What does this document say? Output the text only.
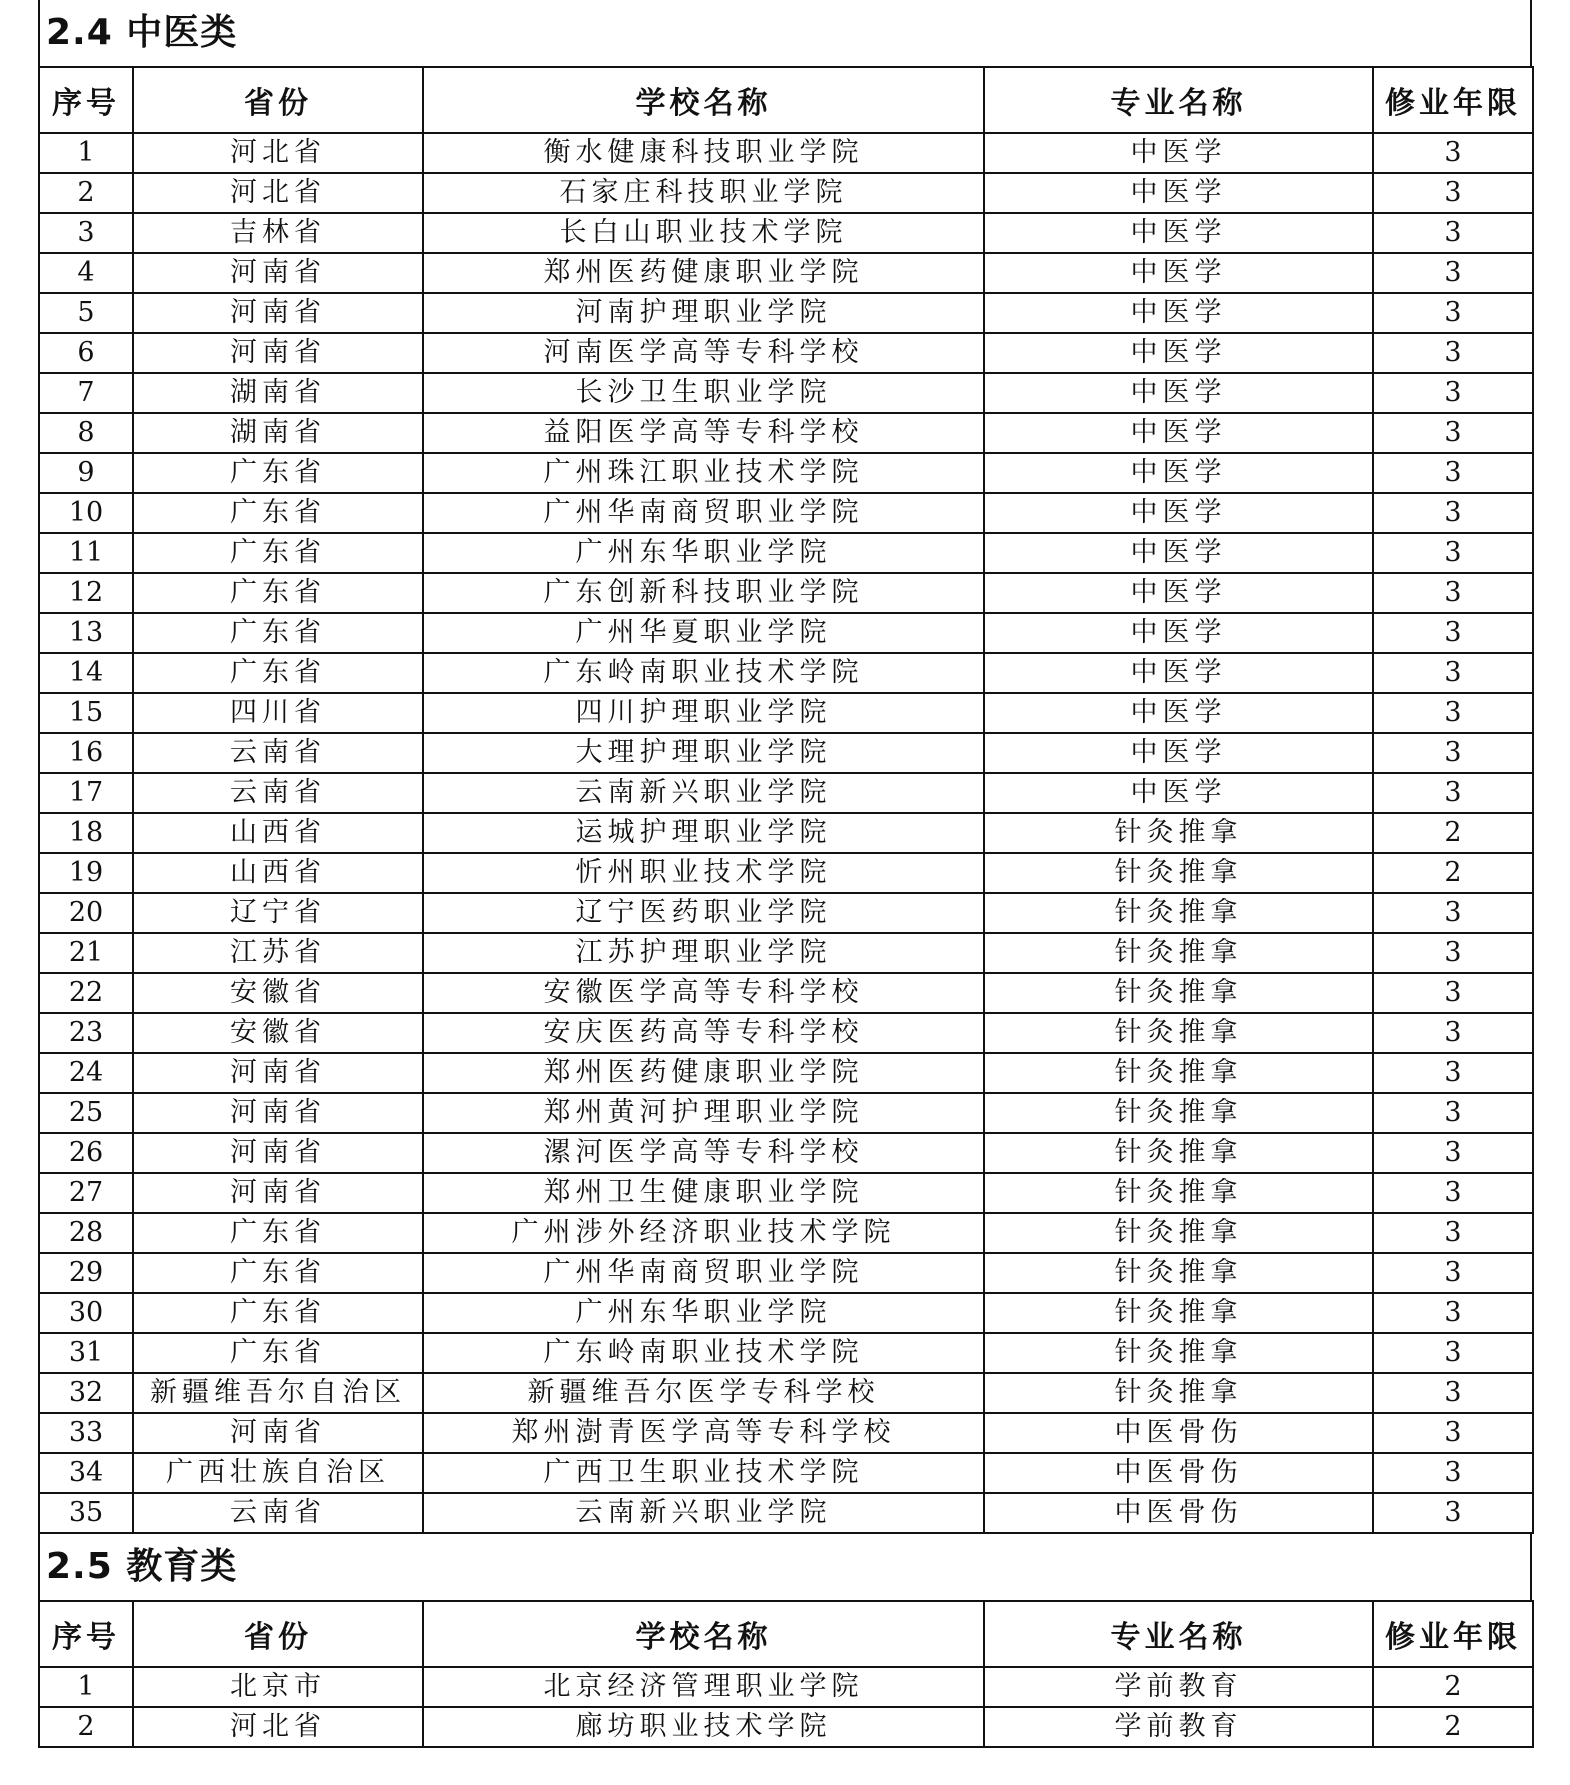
2.4 中医类
序号	省份	学校名称	专业名称	修业年限
1	河北省	衡水健康科技职业学院	中医学	3
2	河北省	石家庄科技职业学院	中医学	3
3	吉林省	长白山职业技术学院	中医学	3
4	河南省	郑州医药健康职业学院	中医学	3
5	河南省	河南护理职业学院	中医学	3
6	河南省	河南医学高等专科学校	中医学	3
7	湖南省	长沙卫生职业学院	中医学	3
8	湖南省	益阳医学高等专科学校	中医学	3
9	广东省	广州珠江职业技术学院	中医学	3
10	广东省	广州华南商贸职业学院	中医学	3
11	广东省	广州东华职业学院	中医学	3
12	广东省	广东创新科技职业学院	中医学	3
13	广东省	广州华夏职业学院	中医学	3
14	广东省	广东岭南职业技术学院	中医学	3
15	四川省	四川护理职业学院	中医学	3
16	云南省	大理护理职业学院	中医学	3
17	云南省	云南新兴职业学院	中医学	3
18	山西省	运城护理职业学院	针灸推拿	2
19	山西省	忻州职业技术学院	针灸推拿	2
20	辽宁省	辽宁医药职业学院	针灸推拿	3
21	江苏省	江苏护理职业学院	针灸推拿	3
22	安徽省	安徽医学高等专科学校	针灸推拿	3
23	安徽省	安庆医药高等专科学校	针灸推拿	3
24	河南省	郑州医药健康职业学院	针灸推拿	3
25	河南省	郑州黄河护理职业学院	针灸推拿	3
26	河南省	漯河医学高等专科学校	针灸推拿	3
27	河南省	郑州卫生健康职业学院	针灸推拿	3
28	广东省	广州涉外经济职业技术学院	针灸推拿	3
29	广东省	广州华南商贸职业学院	针灸推拿	3
30	广东省	广州东华职业学院	针灸推拿	3
31	广东省	广东岭南职业技术学院	针灸推拿	3
32	新疆维吾尔自治区	新疆维吾尔医学专科学校	针灸推拿	3
33	河南省	郑州澍青医学高等专科学校	中医骨伤	3
34	广西壮族自治区	广西卫生职业技术学院	中医骨伤	3
35	云南省	云南新兴职业学院	中医骨伤	3
2.5 教育类
序号	省份	学校名称	专业名称	修业年限
1	北京市	北京经济管理职业学院	学前教育	2
2	河北省	廊坊职业技术学院	学前教育	2
